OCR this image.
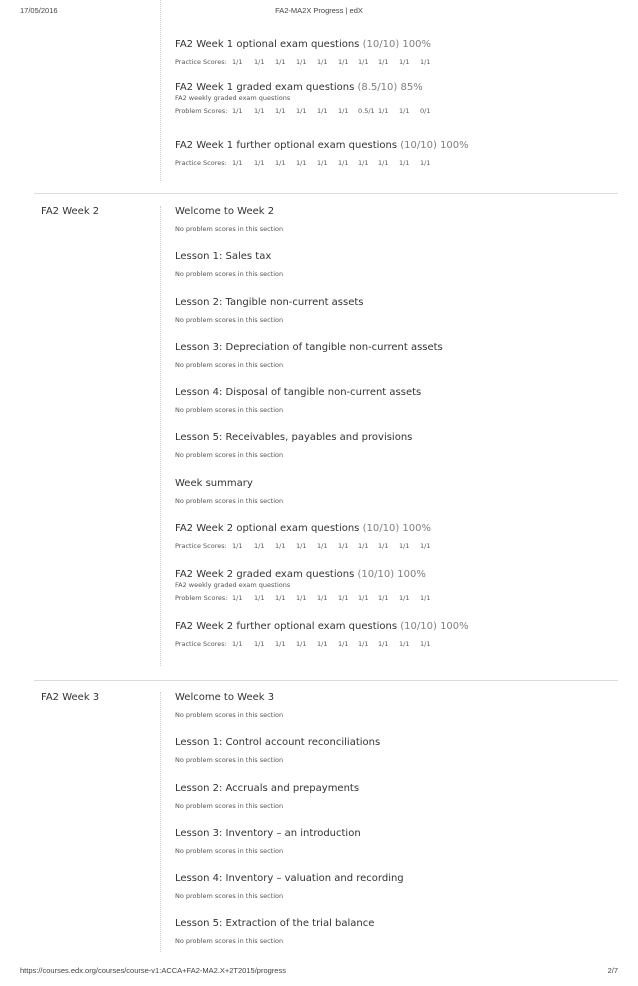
17/05/2016	FA2-MA2X Progress | edX
FA2 Week 1 optional exam questions (10/10) 100%
Practice Scores: 1/1 1/1 1/1 1/1 1/1 1/1 1/1 1/1 1/1 1/1
FA2 Week 1 graded exam questions (8.5/10) 85%
FA2 weekly graded exam questions
Problem Scores: 1/1 1/1 1/1 1/1 1/1 1/1 0.5/1 1/1 1/1 0/1
FA2 Week 1 further optional exam questions (10/10) 100%
Practice Scores: 1/1 1/1 1/1 1/1 1/1 1/1 1/1 1/1 1/1 1/1
FA2 Week 2	Welcome to Week 2
No problem scores in this section
Lesson 1: Sales tax
No problem scores in this section
Lesson 2: Tangible non-current assets
No problem scores in this section
Lesson 3: Depreciation of tangible non-current assets
No problem scores in this section
Lesson 4: Disposal of tangible non-current assets
No problem scores in this section
Lesson 5: Receivables, payables and provisions
No problem scores in this section
Week summary
No problem scores in this section
FA2 Week 2 optional exam questions (10/10) 100%
Practice Scores: 1/1 1/1 1/1 1/1 1/1 1/1 1/1 1/1 1/1 1/1
FA2 Week 2 graded exam questions (10/10) 100%
FA2 weekly graded exam questions
Problem Scores: 1/1 1/1 1/1 1/1 1/1 1/1 1/1 1/1 1/1 1/1
FA2 Week 2 further optional exam questions (10/10) 100%
Practice Scores: 1/1 1/1 1/1 1/1 1/1 1/1 1/1 1/1 1/1 1/1
FA2 Week 3	Welcome to Week 3
No problem scores in this section
Lesson 1: Control account reconciliations
No problem scores in this section
Lesson 2: Accruals and prepayments
No problem scores in this section
Lesson 3: Inventory – an introduction
No problem scores in this section
Lesson 4: Inventory – valuation and recording
No problem scores in this section
Lesson 5: Extraction of the trial balance
No problem scores in this section
https://courses.edx.org/courses/course-v1:ACCA+FA2-MA2.X+2T2015/progress	2/7
